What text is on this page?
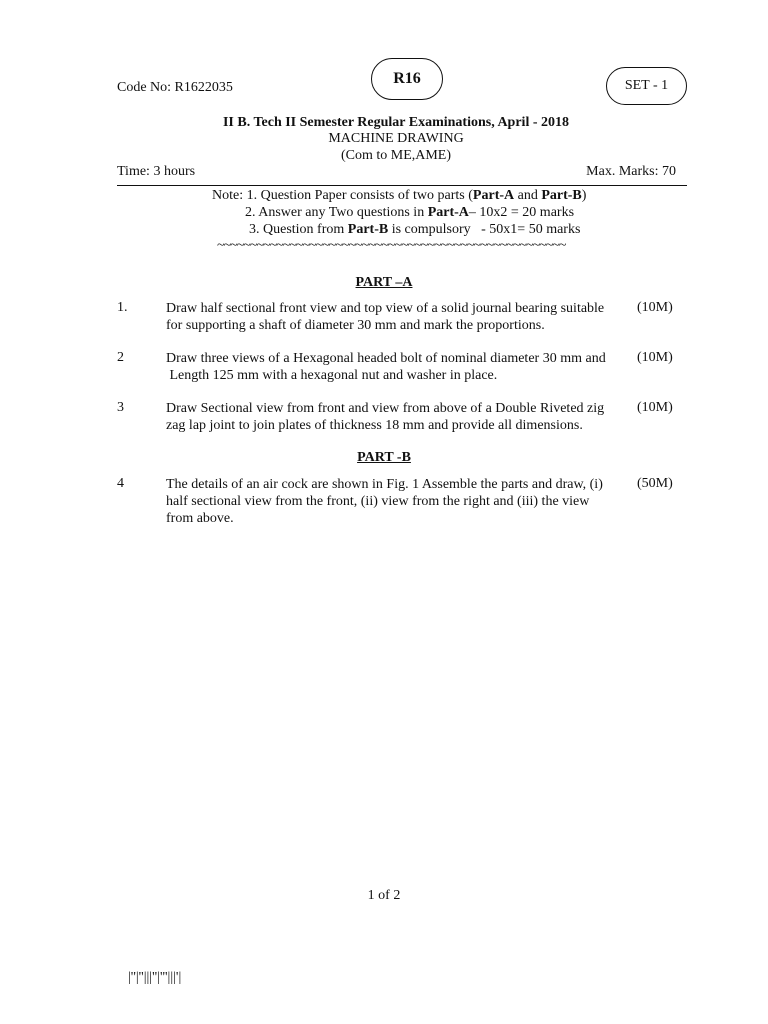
Code No: R1622035
R16	SET - 1
II B. Tech II Semester Regular Examinations, April - 2018
MACHINE DRAWING
(Com to ME,AME)
Time: 3 hours	Max. Marks: 70
Note: 1. Question Paper consists of two parts (Part-A and Part-B)
2. Answer any Two questions in Part-A– 10x2 = 20 marks
3. Question from Part-B is compulsory   - 50x1= 50 marks
~~~~~~~~~~~~~~~~~~~~~~~~~~~~~~~~~~~~~~~~~~~~~~~~~~~~~
PART –A
1.	Draw half sectional front view and top view of a solid journal bearing suitable
for supporting a shaft of diameter 30 mm and mark the proportions.
(10M)
2	Draw three views of a Hexagonal headed bolt of nominal diameter 30 mm and
Length 125 mm with a hexagonal nut and washer in place.
(10M)
3	Draw Sectional view from front and view from above of a Double Riveted zig
zag lap joint to join plates of thickness 18 mm and provide all dimensions.
(10M)
PART -B
4	The details of an air cock are shown in Fig. 1 Assemble the parts and draw, (i)
half sectional view from the front, (ii) view from the right and (iii) the view
from above.
(50M)
1 of 2
|''|''|||''|'''|||'|
